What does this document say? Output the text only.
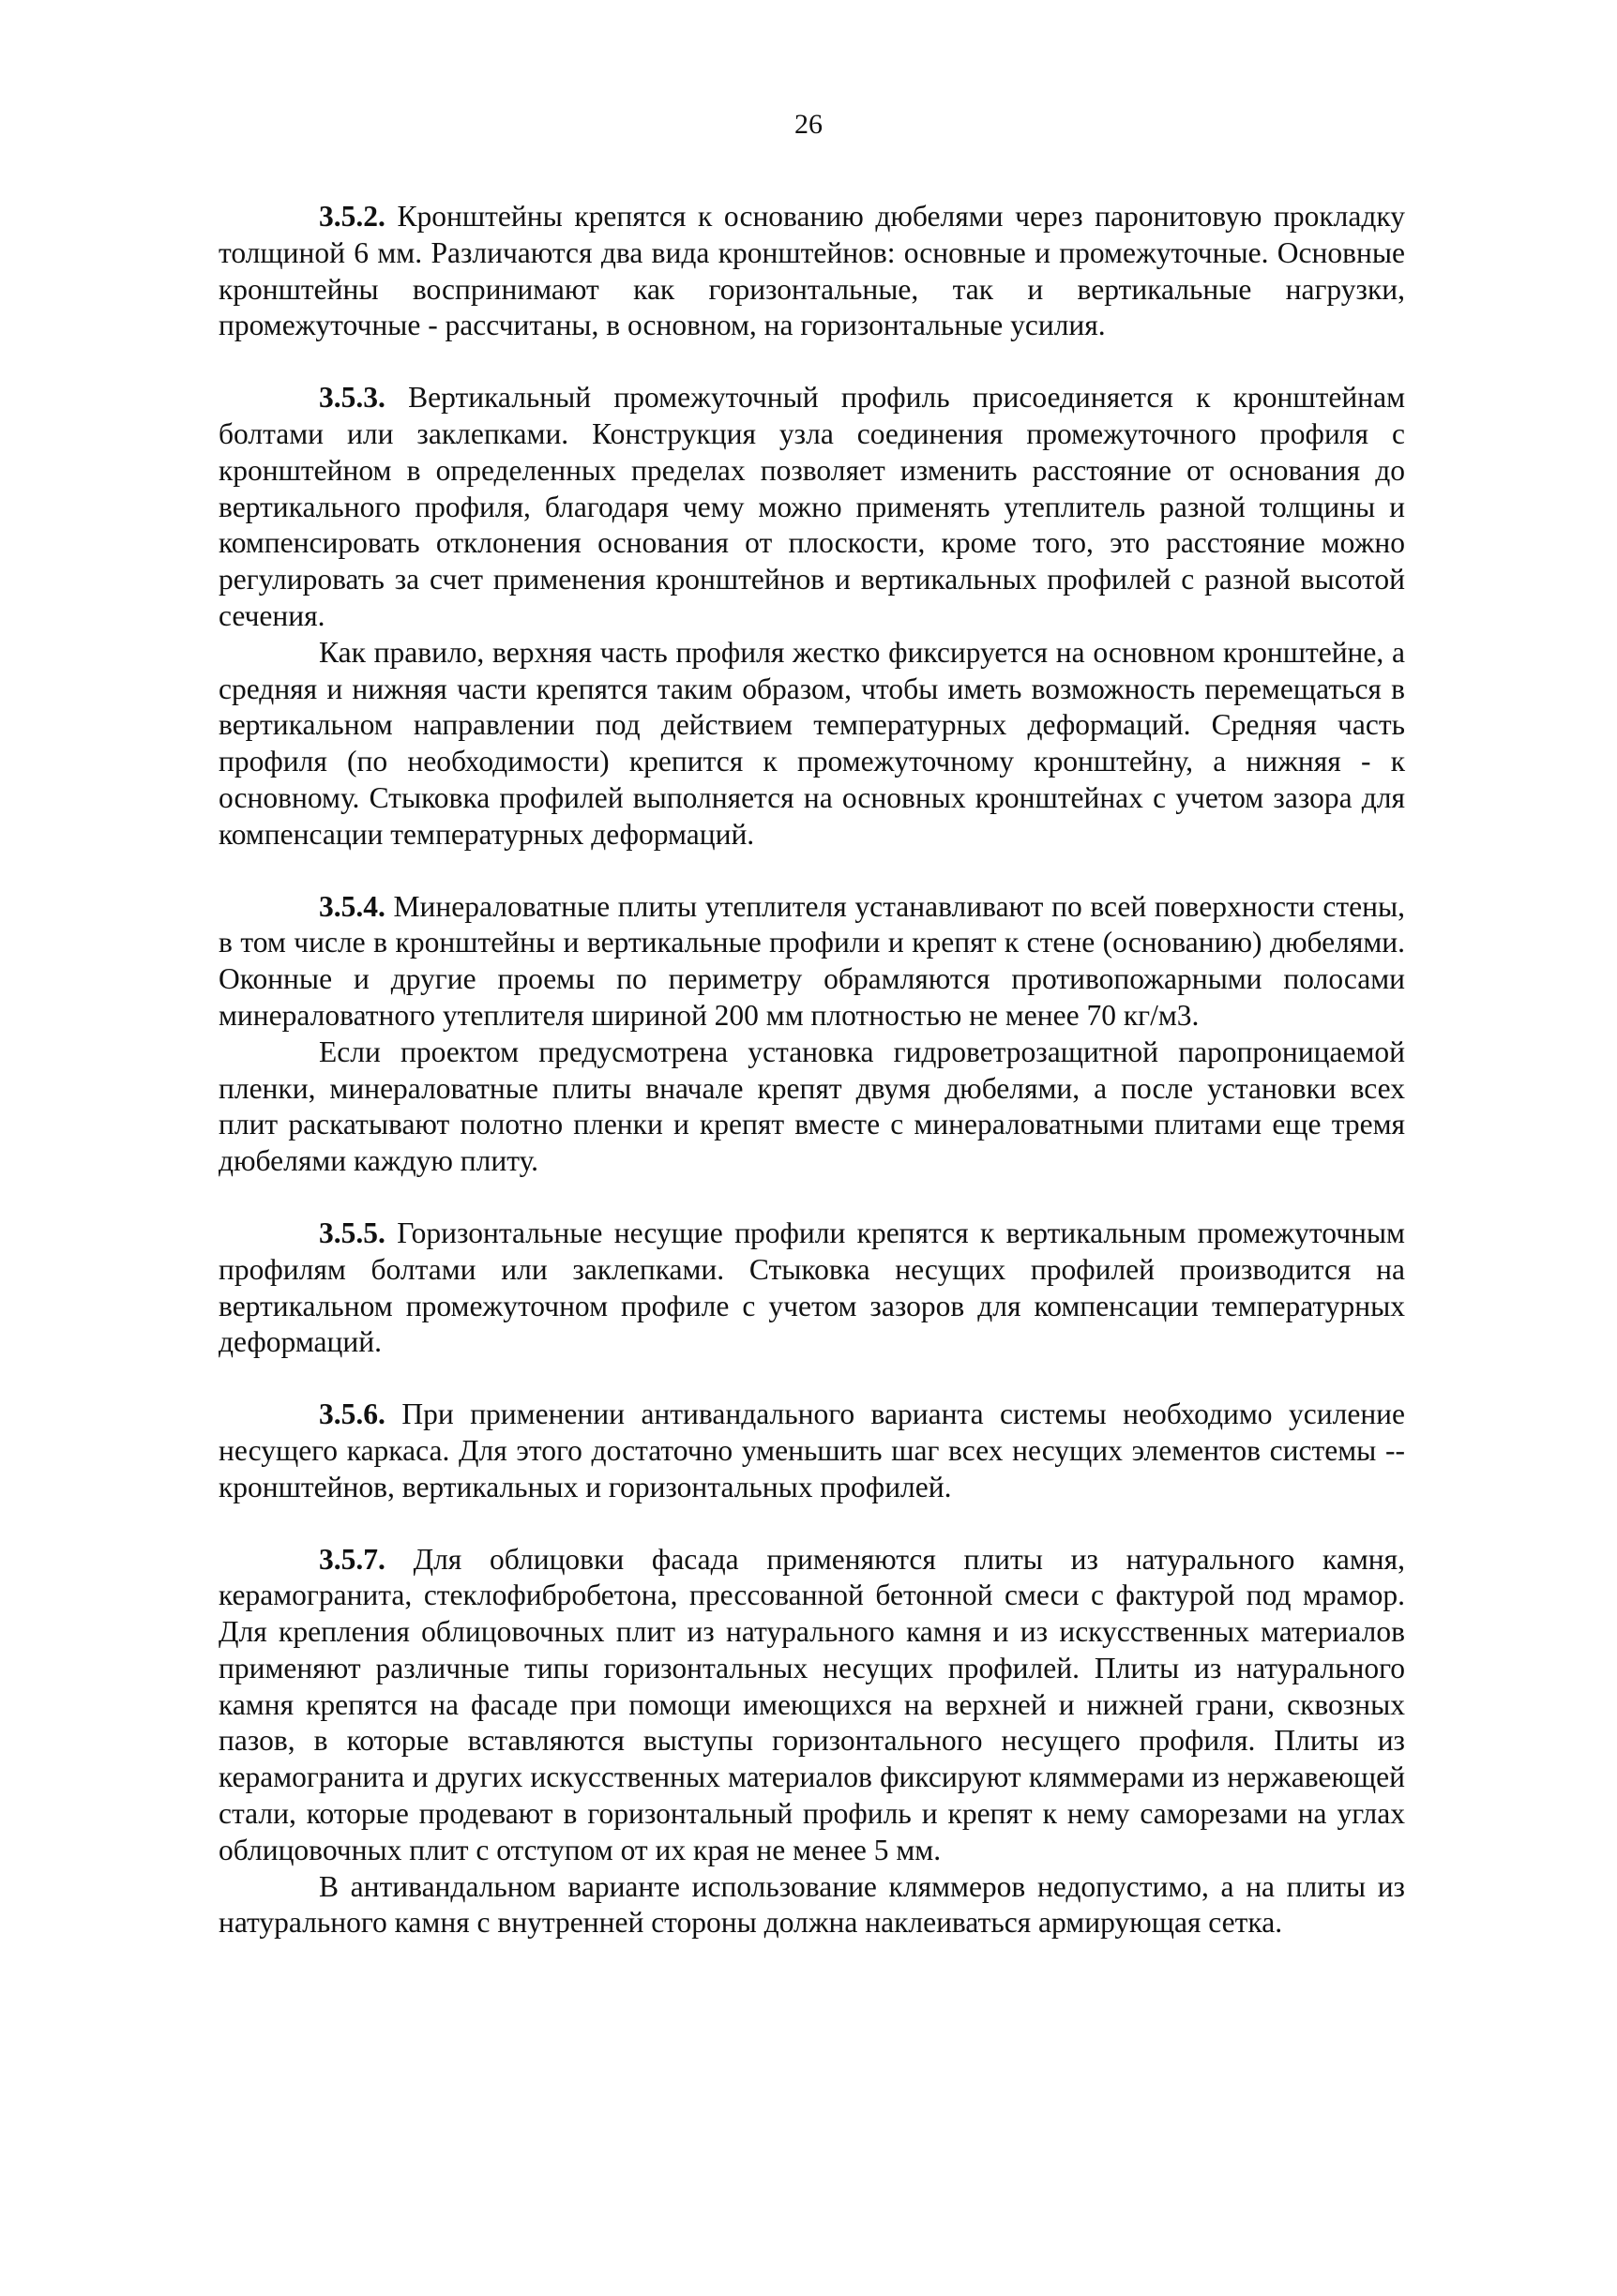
26

3.5.2. Кронштейны крепятся к основанию дюбелями через паронитовую прокладку толщиной 6 мм. Различаются два вида кронштейнов: основные и промежуточные. Основные кронштейны воспринимают как горизонтальные, так и вертикальные нагрузки, промежуточные - рассчитаны, в основном, на горизонтальные усилия.

3.5.3. Вертикальный промежуточный профиль присоединяется к кронштейнам болтами или заклепками. Конструкция узла соединения промежуточного профиля с кронштейном в определенных пределах позволяет изменить расстояние от основания до вертикального профиля, благодаря чему можно применять утеплитель разной толщины и компенсировать отклонения основания от плоскости, кроме того, это расстояние можно регулировать за счет применения кронштейнов и вертикальных профилей с разной высотой сечения.

Как правило, верхняя часть профиля жестко фиксируется на основном кронштейне, а средняя и нижняя части крепятся таким образом, чтобы иметь возможность перемещаться в вертикальном направлении под действием температурных деформаций. Средняя часть профиля (по необходимости) крепится к промежуточному кронштейну, а нижняя - к основному. Стыковка профилей выполняется на основных кронштейнах с учетом зазора для компенсации температурных деформаций.

3.5.4. Минераловатные плиты утеплителя устанавливают по всей поверхности стены, в том числе в кронштейны и вертикальные профили и крепят к стене (основанию) дюбелями. Оконные и другие проемы по периметру обрамляются противопожарными полосами минераловатного утеплителя шириной 200 мм плотностью не менее 70 кг/м3.

Если проектом предусмотрена установка гидроветрозащитной паропроницаемой пленки, минераловатные плиты вначале крепят двумя дюбелями, а после установки всех плит раскатывают полотно пленки и крепят вместе с минераловатными плитами еще тремя дюбелями каждую плиту.

3.5.5. Горизонтальные несущие профили крепятся к вертикальным промежуточным профилям болтами или заклепками. Стыковка несущих профилей производится на вертикальном промежуточном профиле с учетом зазоров для компенсации температурных деформаций.

3.5.6. При применении антивандального варианта системы необходимо усиление несущего каркаса. Для этого достаточно уменьшить шаг всех несущих элементов системы -- кронштейнов, вертикальных и горизонтальных профилей.

3.5.7. Для облицовки фасада применяются плиты из натурального камня, керамогранита, стеклофибробетона, прессованной бетонной смеси с фактурой под мрамор. Для крепления облицовочных плит из натурального камня и из искусственных материалов применяют различные типы горизонтальных несущих профилей. Плиты из натурального камня крепятся на фасаде при помощи имеющихся на верхней и нижней грани, сквозных пазов, в которые вставляются выступы горизонтального несущего профиля. Плиты из керамогранита и других искусственных материалов фиксируют кляммерами из нержавеющей стали, которые продевают в горизонтальный профиль и крепят к нему саморезами на углах облицовочных плит с отступом от их края не менее 5 мм.

В антивандальном варианте использование кляммеров недопустимо, а на плиты из натурального камня с внутренней стороны должна наклеиваться армирующая сетка.
